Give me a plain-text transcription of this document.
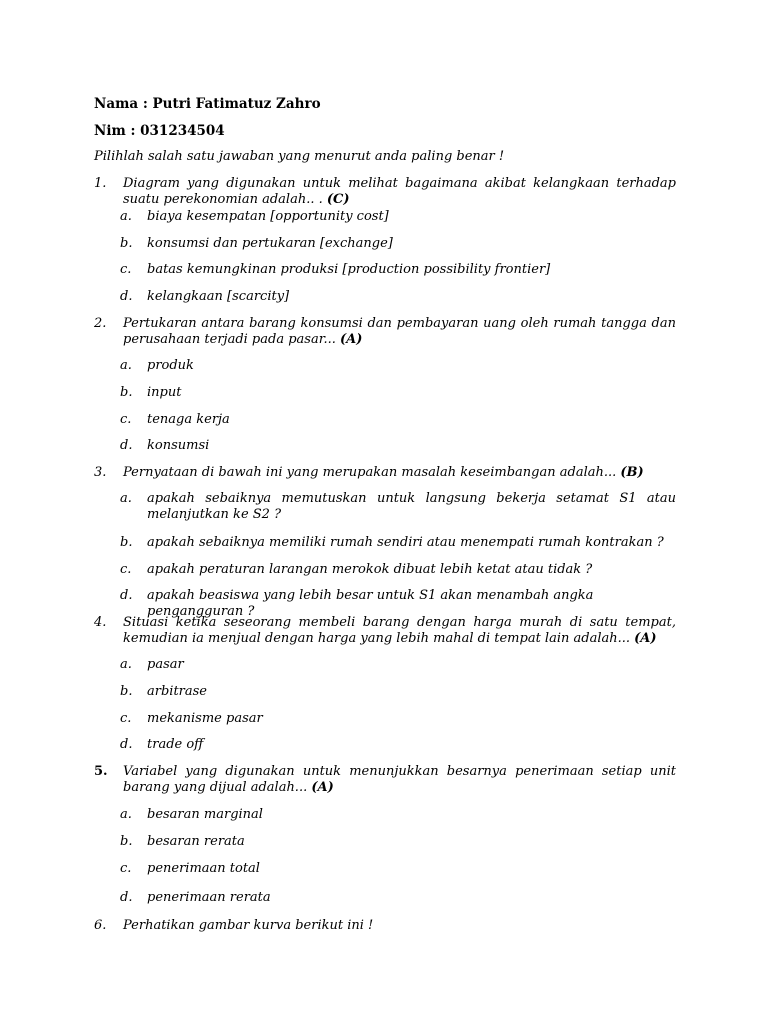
Nama : Putri Fatimatuz Zahro
Nim : 031234504
Pilihlah salah satu jawaban yang menurut anda paling benar !
1. Diagram yang digunakan untuk melihat bagaimana akibat kelangkaan terhadap suatu perekonomian adalah.. . (C)
a. biaya kesempatan [opportunity cost]
b. konsumsi dan pertukaran [exchange]
c. batas kemungkinan produksi [production possibility frontier]
d. kelangkaan [scarcity]
2. Pertukaran antara barang konsumsi dan pembayaran uang oleh rumah tangga dan perusahaan terjadi pada pasar... (A)
a. produk
b. input
c. tenaga kerja
d. konsumsi
3. Pernyataan di bawah ini yang merupakan masalah keseimbangan adalah... (B)
a. apakah sebaiknya memutuskan untuk langsung bekerja setamat S1 atau melanjutkan ke S2 ?
b. apakah sebaiknya memiliki rumah sendiri atau menempati rumah kontrakan ?
c. apakah peraturan larangan merokok dibuat lebih ketat atau tidak ?
d. apakah beasiswa yang lebih besar untuk S1 akan menambah angka pengangguran ?
4. Situasi ketika seseorang membeli barang dengan harga murah di satu tempat, kemudian ia menjual dengan harga yang lebih mahal di tempat lain adalah... (A)
a. pasar
b. arbitrase
c. mekanisme pasar
d. trade off
5. Variabel yang digunakan untuk menunjukkan besarnya penerimaan setiap unit barang yang dijual adalah... (A)
a. besaran marginal
b. besaran rerata
c. penerimaan total
d. penerimaan rerata
6. Perhatikan gambar kurva berikut ini !
